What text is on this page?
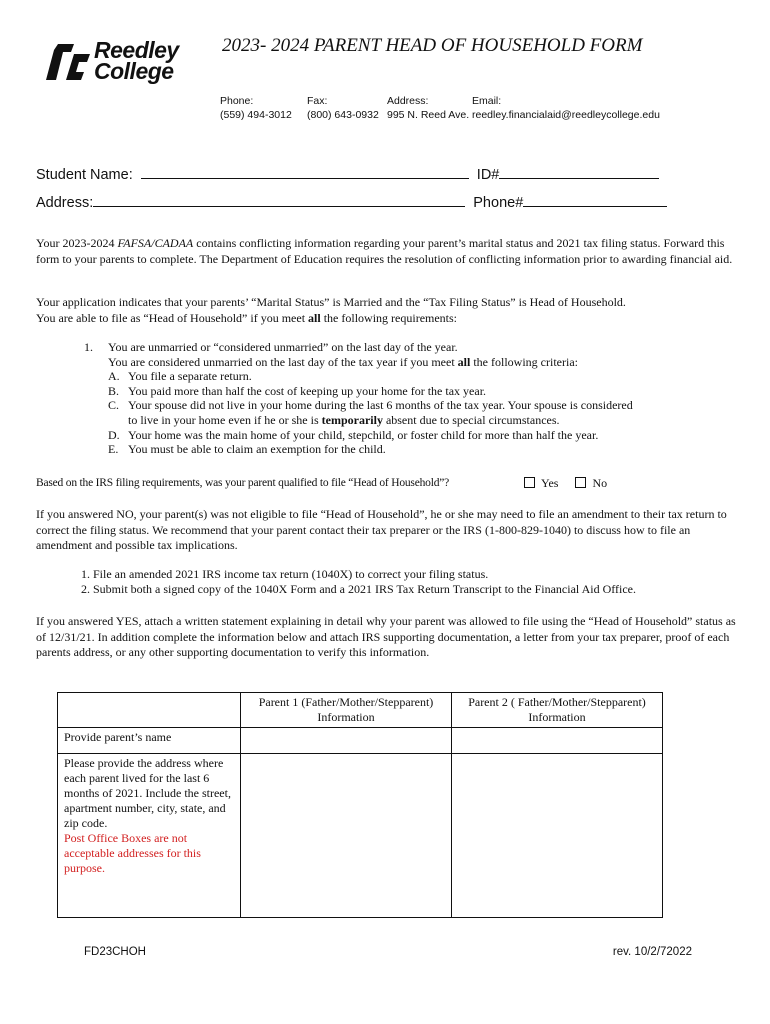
Reedley College
2023- 2024 PARENT HEAD OF HOUSEHOLD FORM
Phone:
(559) 494-3012
Fax:
(800) 643-0932
Address:
995 N. Reed Ave.
Email:
reedley.financialaid@reedleycollege.edu
Student Name:	ID#
Address:	Phone#

Your 2023-2024 FAFSA/CADAA contains conflicting information regarding your parent’s marital status and 2021 tax filing status. Forward this form to your parents to complete. The Department of Education requires the resolution of conflicting information prior to awarding financial aid.

Your application indicates that your parents’ “Marital Status” is Married and the “Tax Filing Status” is Head of Household.
You are able to file as “Head of Household” if you meet all the following requirements:

1. You are unmarried or “considered unmarried” on the last day of the year.
You are considered unmarried on the last day of the tax year if you meet all the following criteria:
A. You file a separate return.
B. You paid more than half the cost of keeping up your home for the tax year.
C. Your spouse did not live in your home during the last 6 months of the tax year. Your spouse is considered
to live in your home even if he or she is temporarily absent due to special circumstances.
D. Your home was the main home of your child, stepchild, or foster child for more than half the year.
E. You must be able to claim an exemption for the child.
Based on the IRS filing requirements, was your parent qualified to file “Head of Household”?	Yes	No

If you answered NO, your parent(s) was not eligible to file “Head of Household”, he or she may need to file an amendment to their tax return to correct the filing status. We recommend that your parent contact their tax preparer or the IRS (1-800-829-1040) to discuss how to file an amendment and possible tax implications.

1. File an amended 2021 IRS income tax return (1040X) to correct your filing status.
2. Submit both a signed copy of the 1040X Form and a 2021 IRS Tax Return Transcript to the Financial Aid Office.

If you answered YES, attach a written statement explaining in detail why your parent was allowed to file using the “Head of Household” status as of 12/31/21. In addition complete the information below and attach IRS supporting documentation, a letter from your tax preparer, proof of each parents address, or any other supporting documentation to verify this information.

	Parent 1 (Father/Mother/Stepparent) Information	Parent 2 ( Father/Mother/Stepparent) Information
Provide parent’s name		

Please provide the address where each parent lived for the last 6 months of 2021. Include the street, apartment number, city, state, and zip code.
Post Office Boxes are not acceptable addresses for this purpose.		

FD23CHOH	rev. 10/2/72022
